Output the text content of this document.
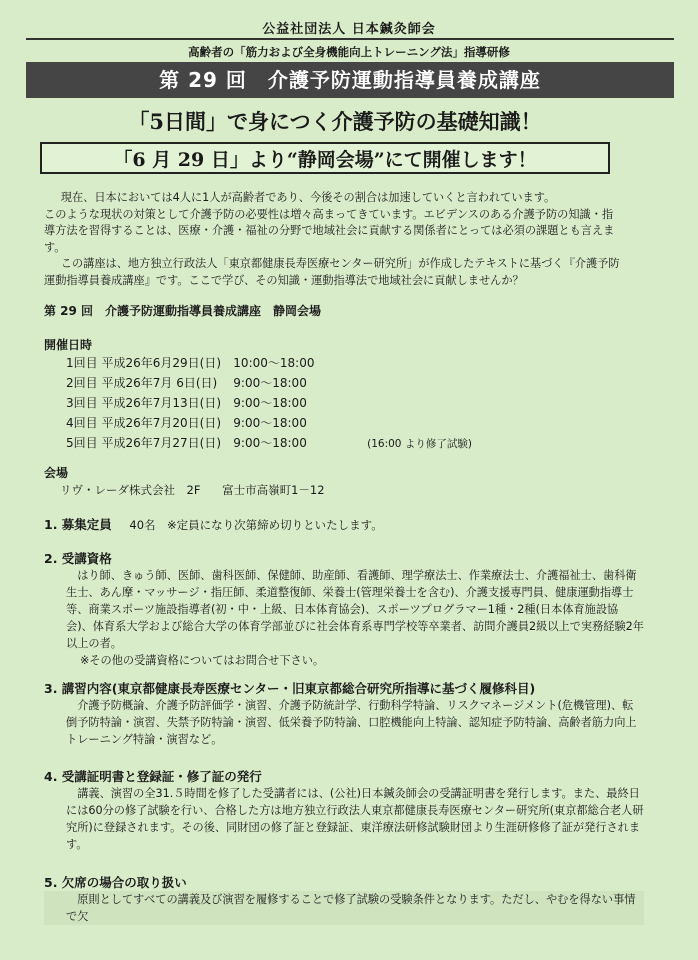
公益社団法人 日本鍼灸師会
高齢者の「筋力および全身機能向上トレーニング法」指導研修
第 29 回　介護予防運動指導員養成講座
「5日間」で身につく介護予防の基礎知識！
「6 月 29 日」より“静岡会場”にて開催します！

現在、日本においては4人に1人が高齢者であり、今後その割合は加速していくと言われています。

このような現状の対策として介護予防の必要性は増々高まってきています。エビデンスのある介護予防の知識・指導方法を習得することは、医療・介護・福祉の分野で地域社会に貢献する関係者にとっては必須の課題とも言えます。

この講座は、地方独立行政法人「東京都健康長寿医療センター研究所」が作成したテキストに基づく『介護予防運動指導員養成講座』です。ここで学び、その知識・運動指導法で地域社会に貢献しませんか？

第 29 回　介護予防運動指導員養成講座　静岡会場
開催日時
1回目 平成26年6月29日(日) 10:00～18:00
2回目 平成26年7月 6日(日) 9:00～18:00
3回目 平成26年7月13日(日) 9:00～18:00
4回目 平成26年7月20日(日) 9:00～18:00
5回目 平成26年7月27日(日) 9:00～18:00	(16:00 より修了試験)
会場
リヴ・レーダ株式会社　2F 富士市高嶺町1－12
1. 募集定員 40名　※定員になり次第締め切りといたします。
2. 受講資格
はり師、きゅう師、医師、歯科医師、保健師、助産師、看護師、理学療法士、作業療法士、介護福祉士、歯科衛生士、あん摩・マッサージ・指圧師、柔道整復師、栄養士(管理栄養士を含む)、介護支援専門員、健康運動指導士等、商業スポーツ施設指導者(初・中・上級、日本体育協会)、スポーツプログラマー1種・2種(日本体育施設協会)、体育系大学および総合大学の体育学部並びに社会体育系専門学校等卒業者、訪問介護員2級以上で実務経験2年以上の者。
※その他の受講資格についてはお問合せ下さい。
3. 講習内容(東京都健康長寿医療センター・旧東京都総合研究所指導に基づく履修科目)
介護予防概論、介護予防評価学・演習、介護予防統計学、行動科学特論、リスクマネージメント(危機管理)、転倒予防特論・演習、失禁予防特論・演習、低栄養予防特論、口腔機能向上特論、認知症予防特論、高齢者筋力向上トレーニング特論・演習など。
4. 受講証明書と登録証・修了証の発行
講義、演習の全31.５時間を修了した受講者には、(公社)日本鍼灸師会の受講証明書を発行します。また、最終日には60分の修了試験を行い、合格した方は地方独立行政法人東京都健康長寿医療センター研究所(東京都総合老人研究所)に登録されます。その後、同財団の修了証と登録証、東洋療法研修試験財団より生涯研修修了証が発行されます。
5. 欠席の場合の取り扱い
原則としてすべての講義及び演習を履修することで修了試験の受験条件となります。ただし、やむを得ない事情で欠
